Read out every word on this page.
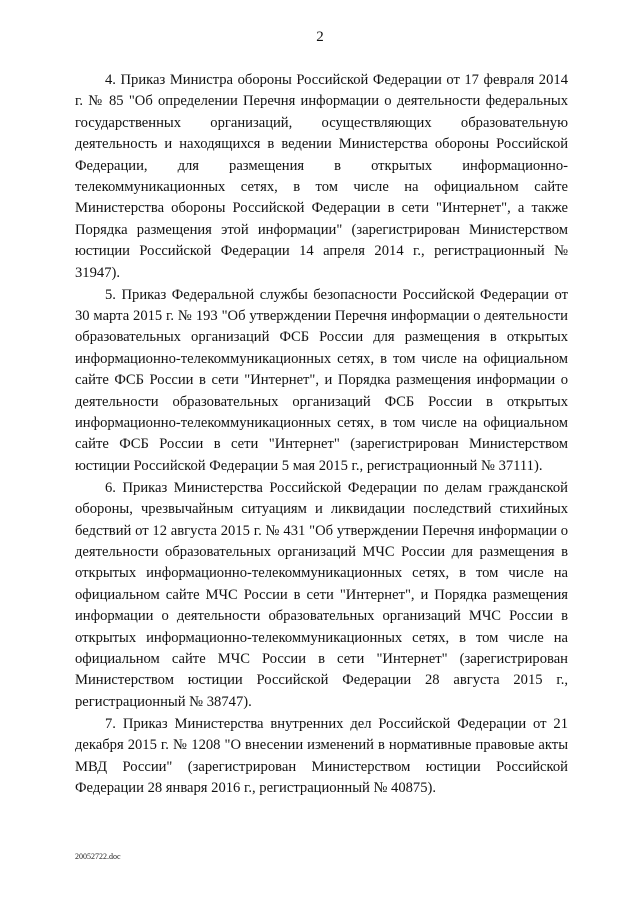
2

4. Приказ Министра обороны Российской Федерации от 17 февраля 2014 г. № 85 "Об определении Перечня информации о деятельности федеральных государственных организаций, осуществляющих образовательную деятельность и находящихся в ведении Министерства обороны Российской Федерации, для размещения в открытых информационно-телекоммуникационных сетях, в том числе на официальном сайте Министерства обороны Российской Федерации в сети "Интернет", а также Порядка размещения этой информации" (зарегистрирован Министерством юстиции Российской Федерации 14 апреля 2014 г., регистрационный № 31947).

5. Приказ Федеральной службы безопасности Российской Федерации от 30 марта 2015 г. № 193 "Об утверждении Перечня информации о деятельности образовательных организаций ФСБ России для размещения в открытых информационно-телекоммуникационных сетях, в том числе на официальном сайте ФСБ России в сети "Интернет", и Порядка размещения информации о деятельности образовательных организаций ФСБ России в открытых информационно-телекоммуникационных сетях, в том числе на официальном сайте ФСБ России в сети "Интернет" (зарегистрирован Министерством юстиции Российской Федерации 5 мая 2015 г., регистрационный № 37111).

6. Приказ Министерства Российской Федерации по делам гражданской обороны, чрезвычайным ситуациям и ликвидации последствий стихийных бедствий от 12 августа 2015 г. № 431 "Об утверждении Перечня информации о деятельности образовательных организаций МЧС России для размещения в открытых информационно-телекоммуникационных сетях, в том числе на официальном сайте МЧС России в сети "Интернет", и Порядка размещения информации о деятельности образовательных организаций МЧС России в открытых информационно-телекоммуникационных сетях, в том числе на официальном сайте МЧС России в сети "Интернет" (зарегистрирован Министерством юстиции Российской Федерации 28 августа 2015 г., регистрационный № 38747).

7. Приказ Министерства внутренних дел Российской Федерации от 21 декабря 2015 г. № 1208 "О внесении изменений в нормативные правовые акты МВД России" (зарегистрирован Министерством юстиции Российской Федерации 28 января 2016 г., регистрационный № 40875).

20052722.doc
